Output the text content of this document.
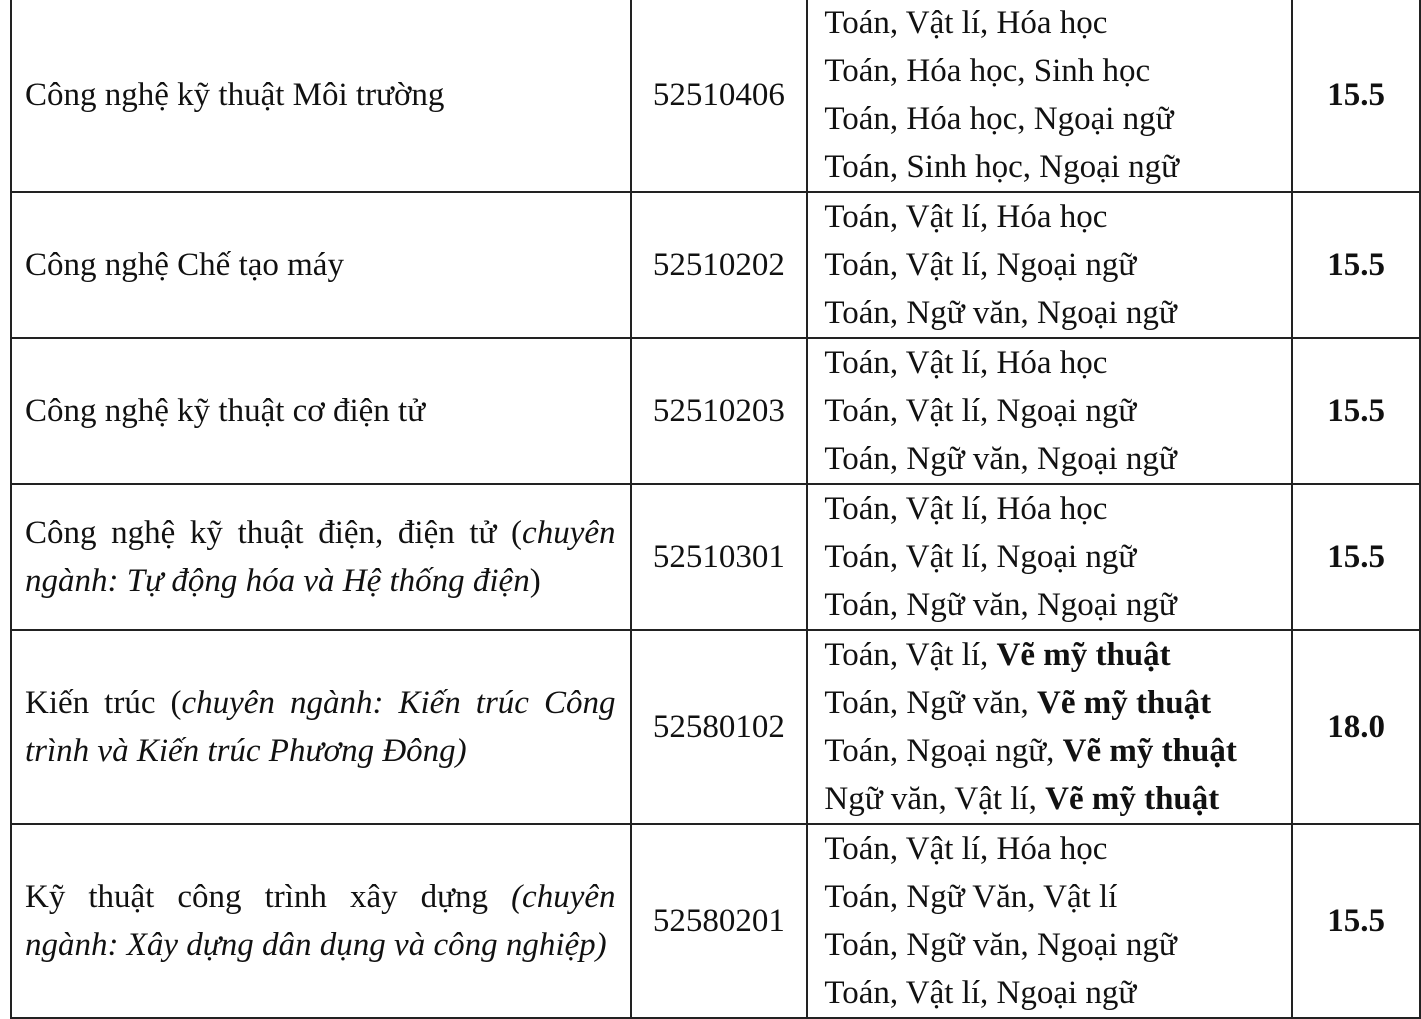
Công nghệ kỹ thuật Môi trường	52510406	Toán, Vật lí, Hóa học
Toán, Hóa học, Sinh học
Toán, Hóa học, Ngoại ngữ
Toán, Sinh học, Ngoại ngữ	15.5

Công nghệ Chế tạo máy	52510202	Toán, Vật lí, Hóa học
Toán, Vật lí, Ngoại ngữ
Toán, Ngữ văn, Ngoại ngữ	15.5

Công nghệ kỹ thuật cơ điện tử	52510203	Toán, Vật lí, Hóa học
Toán, Vật lí, Ngoại ngữ
Toán, Ngữ văn, Ngoại ngữ	15.5

Công nghệ kỹ thuật điện, điện tử (chuyên ngành: Tự động hóa và Hệ thống điện)	52510301	Toán, Vật lí, Hóa học
Toán, Vật lí, Ngoại ngữ
Toán, Ngữ văn, Ngoại ngữ	15.5

Kiến trúc (chuyên ngành: Kiến trúc Công trình và Kiến trúc Phương Đông)	52580102	Toán, Vật lí, Vẽ mỹ thuật
Toán, Ngữ văn, Vẽ mỹ thuật
Toán, Ngoại ngữ, Vẽ mỹ thuật
Ngữ văn, Vật lí, Vẽ mỹ thuật	18.0

Kỹ thuật công trình xây dựng (chuyên ngành: Xây dựng dân dụng và công nghiệp)	52580201	Toán, Vật lí, Hóa học
Toán, Ngữ Văn, Vật lí
Toán, Ngữ văn, Ngoại ngữ
Toán, Vật lí, Ngoại ngữ	15.5
